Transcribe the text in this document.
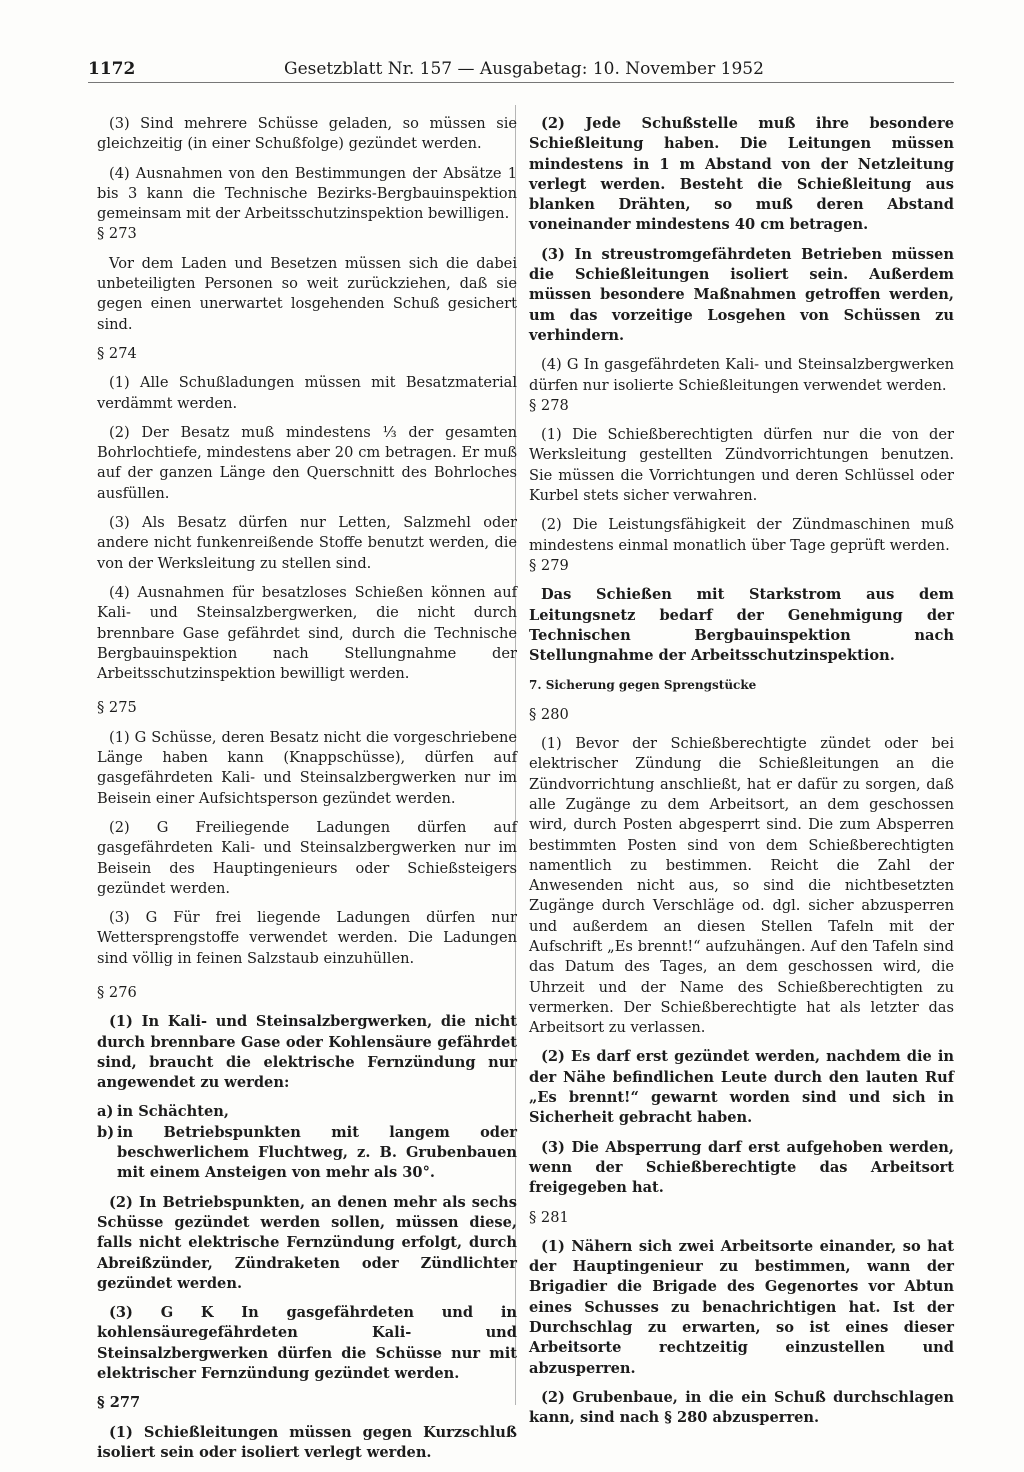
1172	Gesetzblatt Nr. 157 — Ausgabetag: 10. November 1952

(3) Sind mehrere Schüsse geladen, so müssen sie gleichzeitig (in einer Schußfolge) gezündet werden.

(4) Ausnahmen von den Bestimmungen der Absätze 1 bis 3 kann die Technische Bezirks-Bergbauinspektion gemeinsam mit der Arbeitsschutzinspektion bewilligen.

§ 273

Vor dem Laden und Besetzen müssen sich die dabei unbeteiligten Personen so weit zurückziehen, daß sie gegen einen unerwartet losgehenden Schuß gesichert sind.

§ 274

(1) Alle Schußladungen müssen mit Besatzmaterial verdämmt werden.

(2) Der Besatz muß mindestens ⅓ der gesamten Bohrlochtiefe, mindestens aber 20 cm betragen. Er muß auf der ganzen Länge den Querschnitt des Bohrloches ausfüllen.

(3) Als Besatz dürfen nur Letten, Salzmehl oder andere nicht funkenreißende Stoffe benutzt werden, die von der Werksleitung zu stellen sind.

(4) Ausnahmen für besatzloses Schießen können auf Kali- und Steinsalzbergwerken, die nicht durch brennbare Gase gefährdet sind, durch die Technische Bergbauinspektion nach Stellungnahme der Arbeitsschutzinspektion bewilligt werden.

§ 275

(1) G Schüsse, deren Besatz nicht die vorgeschriebene Länge haben kann (Knappschüsse), dürfen auf gasgefährdeten Kali- und Steinsalzbergwerken nur im Beisein einer Aufsichtsperson gezündet werden.

(2) G Freiliegende Ladungen dürfen auf gasgefährdeten Kali- und Steinsalzbergwerken nur im Beisein des Hauptingenieurs oder Schießsteigers gezündet werden.

(3) G Für frei liegende Ladungen dürfen nur Wettersprengstoffe verwendet werden. Die Ladungen sind völlig in feinen Salzstaub einzuhüllen.

§ 276

(1) In Kali- und Steinsalzbergwerken, die nicht durch brennbare Gase oder Kohlensäure gefährdet sind, braucht die elektrische Fernzündung nur angewendet zu werden:

a) in Schächten,
b) in Betriebspunkten mit langem oder beschwerlichem Fluchtweg, z. B. Grubenbauen mit einem Ansteigen von mehr als 30°.

(2) In Betriebspunkten, an denen mehr als sechs Schüsse gezündet werden sollen, müssen diese, falls nicht elektrische Fernzündung erfolgt, durch Abreißzünder, Zündraketen oder Zündlichter gezündet werden.

(3) G K In gasgefährdeten und in kohlensäuregefährdeten Kali- und Steinsalzbergwerken dürfen die Schüsse nur mit elektrischer Fernzündung gezündet werden.

§ 277

(1) Schießleitungen müssen gegen Kurzschluß isoliert sein oder isoliert verlegt werden.

(2) Jede Schußstelle muß ihre besondere Schießleitung haben. Die Leitungen müssen mindestens in 1 m Abstand von der Netzleitung verlegt werden. Besteht die Schießleitung aus blanken Drähten, so muß deren Abstand voneinander mindestens 40 cm betragen.

(3) In streustromgefährdeten Betrieben müssen die Schießleitungen isoliert sein. Außerdem müssen besondere Maßnahmen getroffen werden, um das vorzeitige Losgehen von Schüssen zu verhindern.

(4) G In gasgefährdeten Kali- und Steinsalzbergwerken dürfen nur isolierte Schießleitungen verwendet werden.

§ 278

(1) Die Schießberechtigten dürfen nur die von der Werksleitung gestellten Zündvorrichtungen benutzen. Sie müssen die Vorrichtungen und deren Schlüssel oder Kurbel stets sicher verwahren.

(2) Die Leistungsfähigkeit der Zündmaschinen muß mindestens einmal monatlich über Tage geprüft werden.

§ 279

Das Schießen mit Starkstrom aus dem Leitungsnetz bedarf der Genehmigung der Technischen Bergbauinspektion nach Stellungnahme der Arbeitsschutzinspektion.

7. Sicherung gegen Sprengstücke

§ 280

(1) Bevor der Schießberechtigte zündet oder bei elektrischer Zündung die Schießleitungen an die Zündvorrichtung anschließt, hat er dafür zu sorgen, daß alle Zugänge zu dem Arbeitsort, an dem geschossen wird, durch Posten abgesperrt sind. Die zum Absperren bestimmten Posten sind von dem Schießberechtigten namentlich zu bestimmen. Reicht die Zahl der Anwesenden nicht aus, so sind die nichtbesetzten Zugänge durch Verschläge od. dgl. sicher abzusperren und außerdem an diesen Stellen Tafeln mit der Aufschrift „Es brennt!“ aufzuhängen. Auf den Tafeln sind das Datum des Tages, an dem geschossen wird, die Uhrzeit und der Name des Schießberechtigten zu vermerken. Der Schießberechtigte hat als letzter das Arbeitsort zu verlassen.

(2) Es darf erst gezündet werden, nachdem die in der Nähe befindlichen Leute durch den lauten Ruf „Es brennt!“ gewarnt worden sind und sich in Sicherheit gebracht haben.

(3) Die Absperrung darf erst aufgehoben werden, wenn der Schießberechtigte das Arbeitsort freigegeben hat.

§ 281

(1) Nähern sich zwei Arbeitsorte einander, so hat der Hauptingenieur zu bestimmen, wann der Brigadier die Brigade des Gegenortes vor Abtun eines Schusses zu benachrichtigen hat. Ist der Durchschlag zu erwarten, so ist eines dieser Arbeitsorte rechtzeitig einzustellen und abzusperren.

(2) Grubenbaue, in die ein Schuß durchschlagen kann, sind nach § 280 abzusperren.
